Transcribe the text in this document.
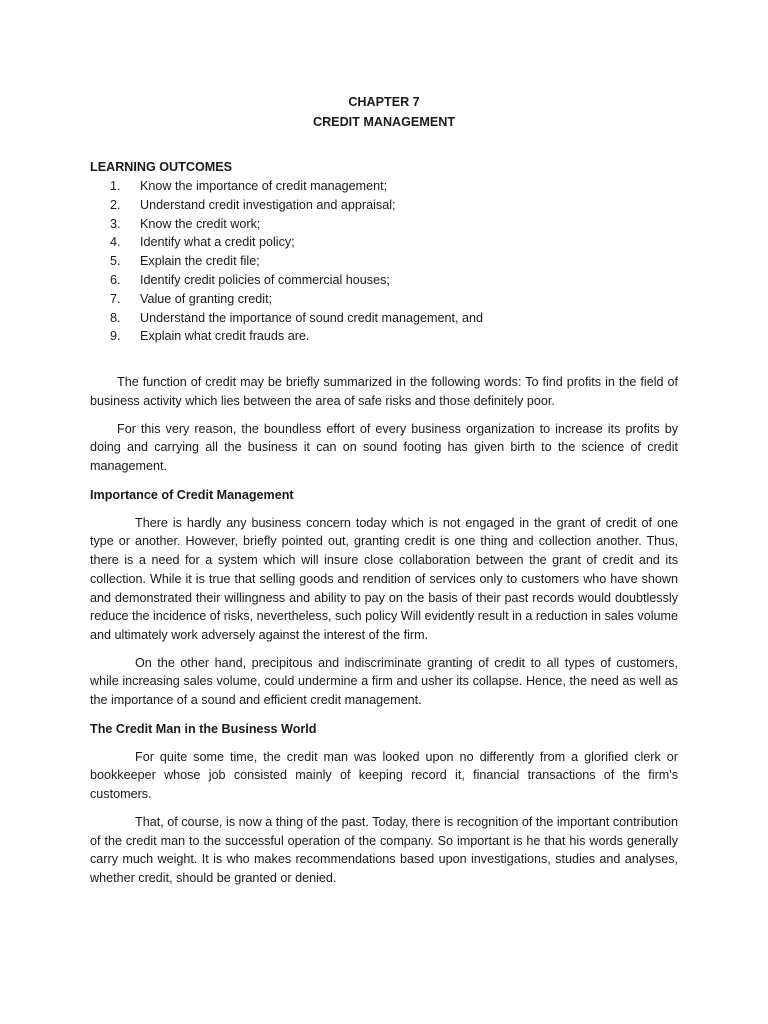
CHAPTER 7
CREDIT MANAGEMENT
LEARNING OUTCOMES
1. Know the importance of credit management;
2. Understand credit investigation and appraisal;
3. Know the credit work;
4. Identify what a credit policy;
5. Explain the credit file;
6. Identify credit policies of commercial houses;
7. Value of granting credit;
8. Understand the importance of sound credit management, and
9. Explain what credit frauds are.

The function of credit may be briefly summarized in the following words: To find profits in the field of business activity which lies between the area of safe risks and those definitely poor.

For this very reason, the boundless effort of every business organization to increase its profits by doing and carrying all the business it can on sound footing has given birth to the science of credit management.

Importance of Credit Management

There is hardly any business concern today which is not engaged in the grant of credit of one type or another. However, briefly pointed out, granting credit is one thing and collection another. Thus, there is a need for a system which will insure close collaboration between the grant of credit and its collection. While it is true that selling goods and rendition of services only to customers who have shown and demonstrated their willingness and ability to pay on the basis of their past records would doubtlessly reduce the incidence of risks, nevertheless, such policy Will evidently result in a reduction in sales volume and ultimately work adversely against the interest of the firm.

On the other hand, precipitous and indiscriminate granting of credit to all types of customers, while increasing sales volume, could undermine a firm and usher its collapse. Hence, the need as well as the importance of a sound and efficient credit management.

The Credit Man in the Business World

For quite some time, the credit man was looked upon no differently from a glorified clerk or bookkeeper whose job consisted mainly of keeping record it, financial transactions of the firm's customers.

That, of course, is now a thing of the past. Today, there is recognition of the important contribution of the credit man to the successful operation of the company. So important is he that his words generally carry much weight. It is who makes recommendations based upon investigations, studies and analyses, whether credit, should be granted or denied.
